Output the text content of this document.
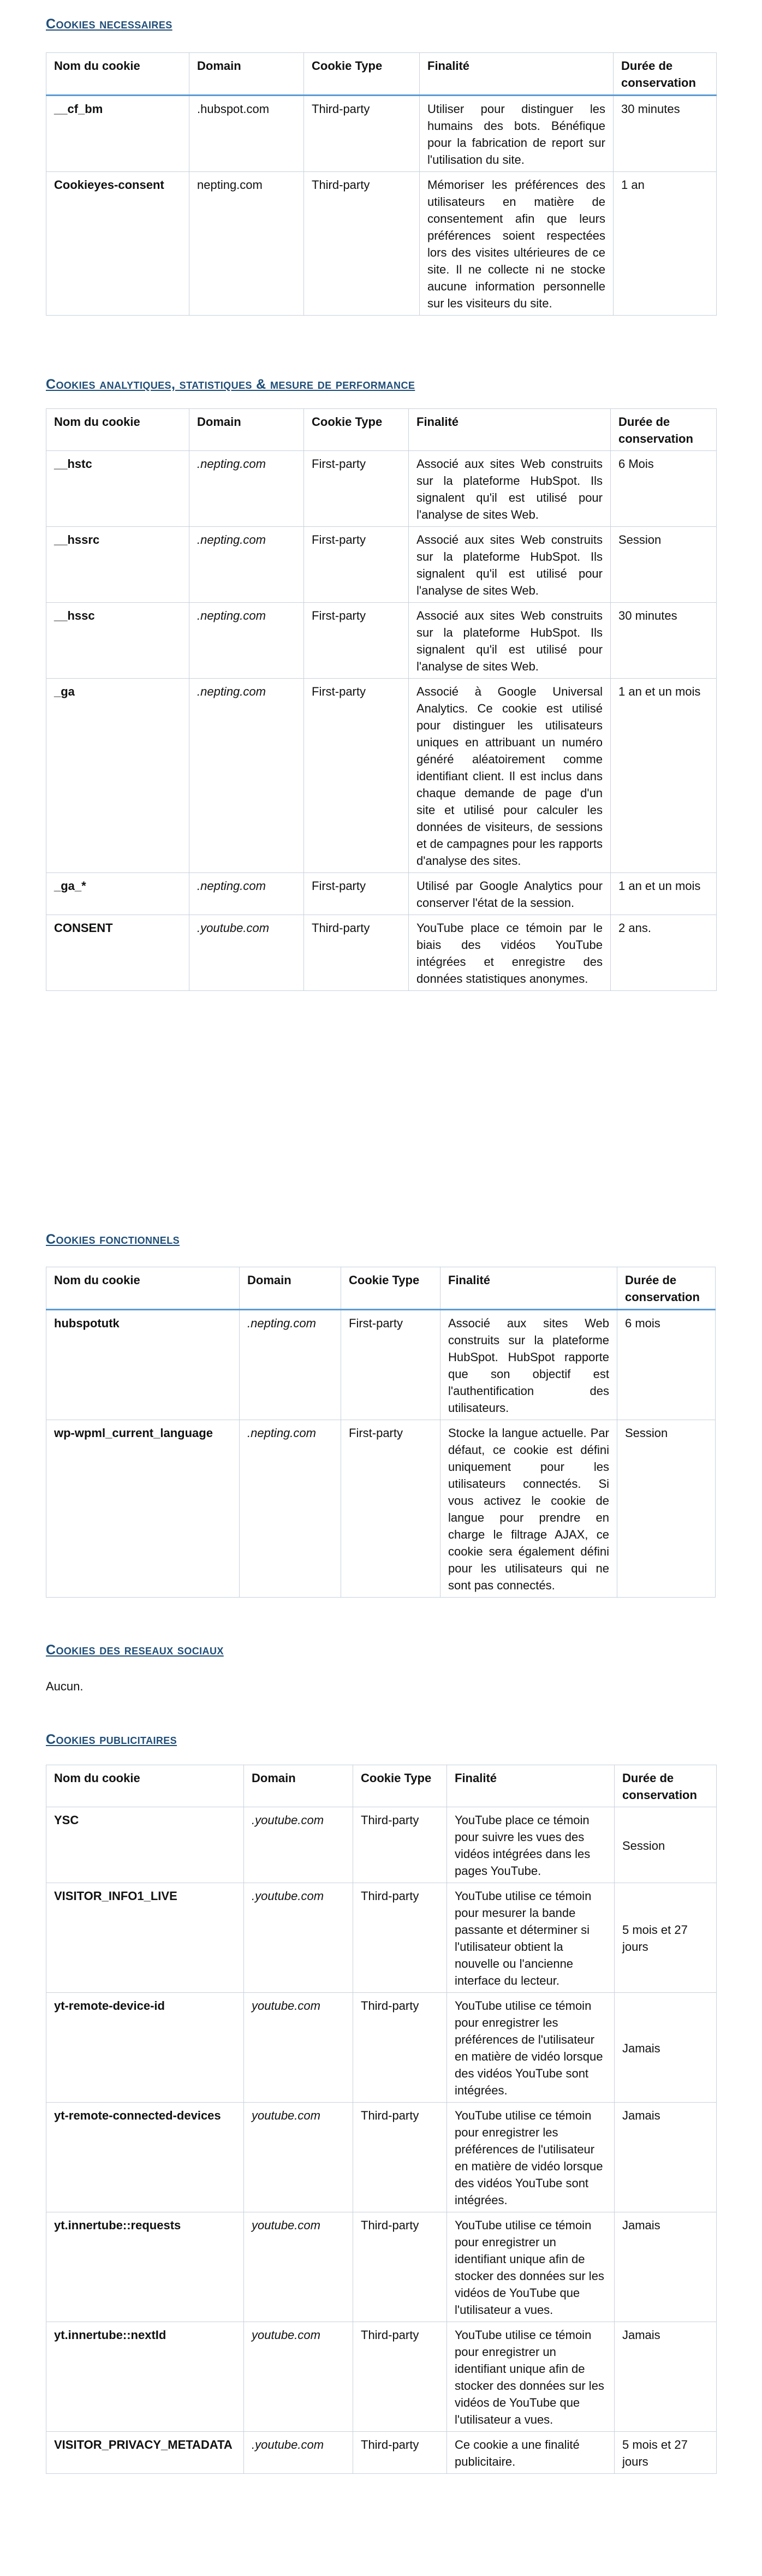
Cookies necessaires
Nom du cookie	Domain	Cookie Type	Finalité	Durée de conservation
__cf_bm	.hubspot.com	Third-party	Utiliser pour distinguer les humains des bots. Bénéfique pour la fabrication de report sur l'utilisation du site.	30 minutes
Cookieyes-consent	nepting.com	Third-party	Mémoriser les préférences des utilisateurs en matière de consentement afin que leurs préférences soient respectées lors des visites ultérieures de ce site. Il ne collecte ni ne stocke aucune information personnelle sur les visiteurs du site.	1 an
Cookies analytiques, statistiques & mesure de performance
Nom du cookie	Domain	Cookie Type	Finalité	Durée de conservation
__hstc	.nepting.com	First-party	Associé aux sites Web construits sur la plateforme HubSpot. Ils signalent qu'il est utilisé pour l'analyse de sites Web.	6 Mois
__hssrc	.nepting.com	First-party	Associé aux sites Web construits sur la plateforme HubSpot. Ils signalent qu'il est utilisé pour l'analyse de sites Web.	Session
__hssc	.nepting.com	First-party	Associé aux sites Web construits sur la plateforme HubSpot. Ils signalent qu'il est utilisé pour l'analyse de sites Web.	30 minutes
_ga	.nepting.com	First-party	Associé à Google Universal Analytics. Ce cookie est utilisé pour distinguer les utilisateurs uniques en attribuant un numéro généré aléatoirement comme identifiant client. Il est inclus dans chaque demande de page d'un site et utilisé pour calculer les données de visiteurs, de sessions et de campagnes pour les rapports d'analyse des sites.	1 an et un mois
_ga_*	.nepting.com	First-party	Utilisé par Google Analytics pour conserver l'état de la session.	1 an et un mois
CONSENT	.youtube.com	Third-party	YouTube place ce témoin par le biais des vidéos YouTube intégrées et enregistre des données statistiques anonymes.	2 ans.
Cookies fonctionnels
Nom du cookie	Domain	Cookie Type	Finalité	Durée de conservation
hubspotutk	.nepting.com	First-party	Associé aux sites Web construits sur la plateforme HubSpot. HubSpot rapporte que son objectif est l'authentification des utilisateurs.	6 mois
wp-wpml_current_language	.nepting.com	First-party	Stocke la langue actuelle. Par défaut, ce cookie est défini uniquement pour les utilisateurs connectés. Si vous activez le cookie de langue pour prendre en charge le filtrage AJAX, ce cookie sera également défini pour les utilisateurs qui ne sont pas connectés.	Session
Cookies des reseaux sociaux

Aucun.

Cookies publicitaires
Nom du cookie	Domain	Cookie Type	Finalité	Durée de conservation
YSC	.youtube.com	Third-party	YouTube place ce témoin pour suivre les vues des vidéos intégrées dans les pages YouTube.	Session
VISITOR_INFO1_LIVE	.youtube.com	Third-party	YouTube utilise ce témoin pour mesurer la bande passante et déterminer si l'utilisateur obtient la nouvelle ou l'ancienne interface du lecteur.	5 mois et 27 jours
yt-remote-device-id	youtube.com	Third-party	YouTube utilise ce témoin pour enregistrer les préférences de l'utilisateur en matière de vidéo lorsque des vidéos YouTube sont intégrées.	Jamais
yt-remote-connected-devices	youtube.com	Third-party	YouTube utilise ce témoin pour enregistrer les préférences de l'utilisateur en matière de vidéo lorsque des vidéos YouTube sont intégrées.	Jamais
yt.innertube::requests	youtube.com	Third-party	YouTube utilise ce témoin pour enregistrer un identifiant unique afin de stocker des données sur les vidéos de YouTube que l'utilisateur a vues.	Jamais
yt.innertube::nextId	youtube.com	Third-party	YouTube utilise ce témoin pour enregistrer un identifiant unique afin de stocker des données sur les vidéos de YouTube que l'utilisateur a vues.	Jamais
VISITOR_PRIVACY_METADATA	.youtube.com	Third-party	Ce cookie a une finalité publicitaire.	5 mois et 27 jours
